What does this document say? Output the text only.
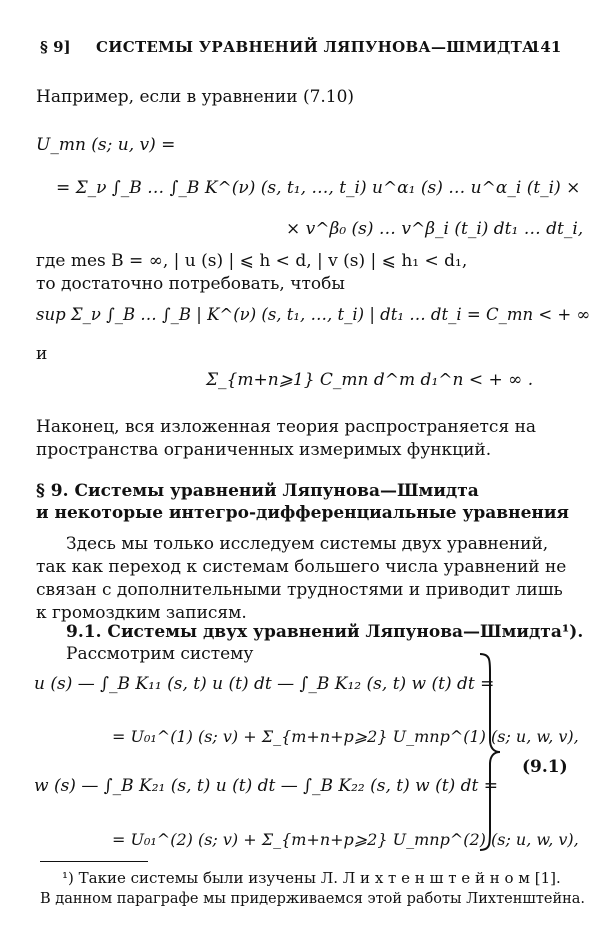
§ 9] СИСТЕМЫ УРАВНЕНИЙ ЛЯПУНОВА—ШМИДТА
141
Например, если в уравнении (7.10)
U_mn (s; u, v) =
= Σ_ν ∫_B … ∫_B K^(ν) (s, t₁, …, t_i) u^α₁ (s) … u^α_i (t_i) ×
× v^β₀ (s) … v^β_i (t_i) dt₁ … dt_i,
где mes B = ∞, | u (s) | ⩽ h < d, | v (s) | ⩽ h₁ < d₁,
то достаточно потребовать, чтобы
sup Σ_ν ∫_B … ∫_B | K^(ν) (s, t₁, …, t_i) | dt₁ … dt_i = C_mn < + ∞
и
Σ_{m+n⩾1} C_mn d^m d₁^n < + ∞ .
Наконец, вся изложенная теория распространяется на
пространства ограниченных измеримых функций.
§ 9. Системы уравнений Ляпунова—Шмидта
и некоторые интегро-дифференциальные уравнения
Здесь мы только исследуем системы двух уравнений,
так как переход к системам большего числа уравнений не
связан с дополнительными трудностями и приводит лишь
к громоздким записям.
9.1. Системы двух уравнений Ляпунова—Шмидта¹).
Рассмотрим систему
u (s) — ∫_B K₁₁ (s, t) u (t) dt — ∫_B K₁₂ (s, t) w (t) dt =
= U₀₁^(1) (s; v) + Σ_{m+n+p⩾2} U_mnp^(1) (s; u, w, v),
w (s) — ∫_B K₂₁ (s, t) u (t) dt — ∫_B K₂₂ (s, t) w (t) dt =
= U₀₁^(2) (s; v) + Σ_{m+n+p⩾2} U_mnp^(2) (s; u, w, v),
(9.1)
¹) Такие системы были изучены Л. Л и х т е н ш т е й н о м [1].
В данном параграфе мы придерживаемся этой работы Лихтенштейна.
